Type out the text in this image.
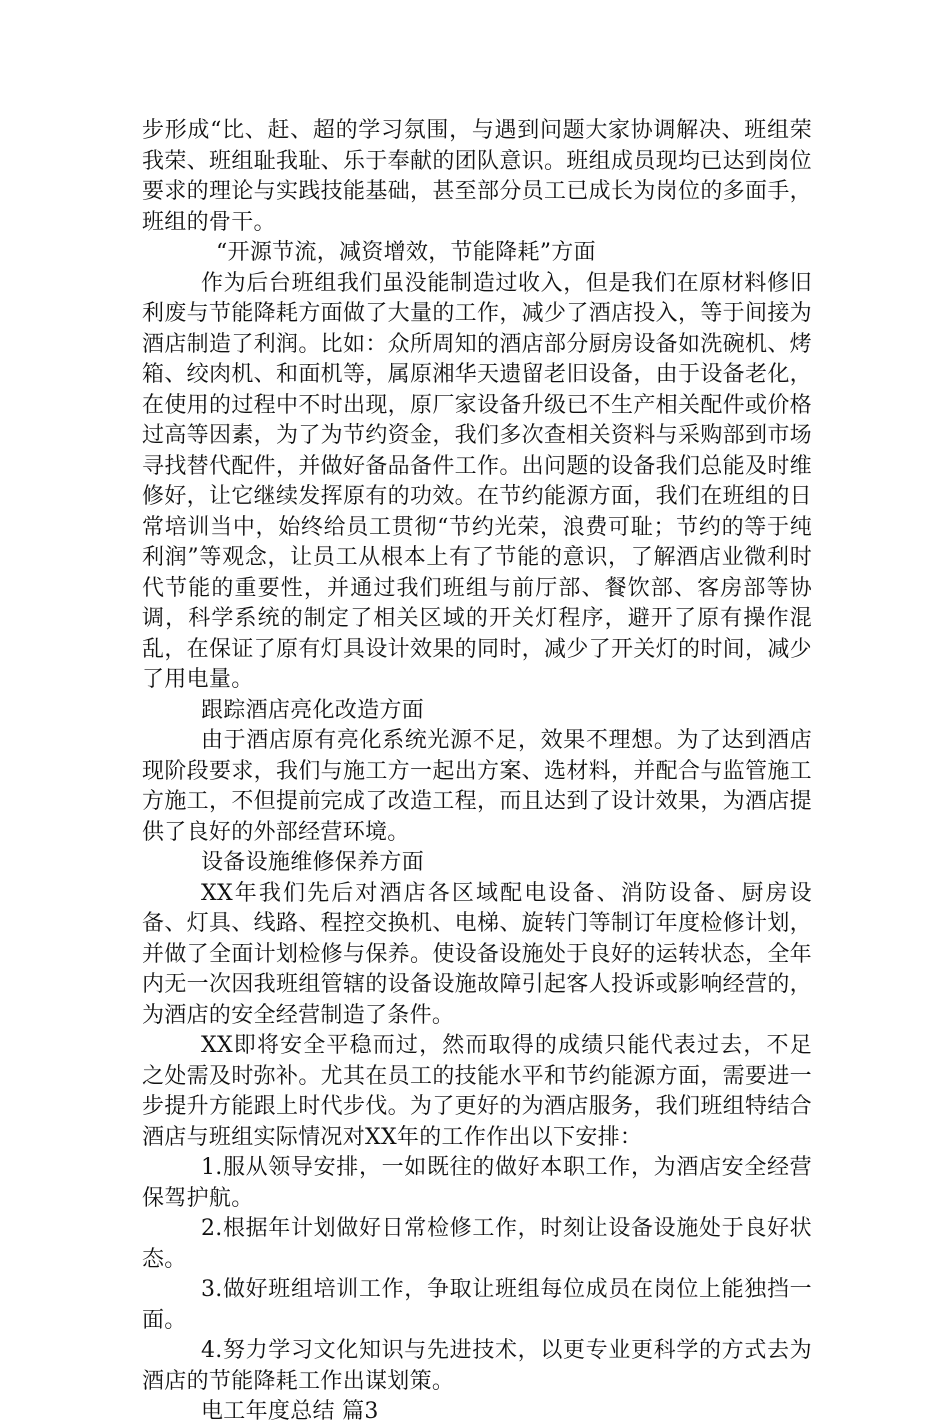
步形成“比、赶、超的学习氛围，与遇到问题大家协调解决、班组荣我荣、班组耻我耻、乐于奉献的团队意识。班组成员现均已达到岗位要求的理论与实践技能基础，甚至部分员工已成长为岗位的多面手，班组的骨干。

“开源节流，减资增效，节能降耗”方面

作为后台班组我们虽没能制造过收入，但是我们在原材料修旧利废与节能降耗方面做了大量的工作，减少了酒店投入，等于间接为酒店制造了利润。比如：众所周知的酒店部分厨房设备如洗碗机、烤箱、绞肉机、和面机等，属原湘华天遗留老旧设备，由于设备老化，在使用的过程中不时出现，原厂家设备升级已不生产相关配件或价格过高等因素，为了为节约资金，我们多次查相关资料与采购部到市场寻找替代配件，并做好备品备件工作。出问题的设备我们总能及时维修好，让它继续发挥原有的功效。在节约能源方面，我们在班组的日常培训当中，始终给员工贯彻“节约光荣，浪费可耻；节约的等于纯利润”等观念，让员工从根本上有了节能的意识，了解酒店业微利时代节能的重要性，并通过我们班组与前厅部、餐饮部、客房部等协调，科学系统的制定了相关区域的开关灯程序，避开了原有操作混乱，在保证了原有灯具设计效果的同时，减少了开关灯的时间，减少了用电量。

跟踪酒店亮化改造方面

由于酒店原有亮化系统光源不足，效果不理想。为了达到酒店现阶段要求，我们与施工方一起出方案、选材料，并配合与监管施工方施工，不但提前完成了改造工程，而且达到了设计效果，为酒店提供了良好的外部经营环境。

设备设施维修保养方面

XX年我们先后对酒店各区域配电设备、消防设备、厨房设备、灯具、线路、程控交换机、电梯、旋转门等制订年度检修计划，并做了全面计划检修与保养。使设备设施处于良好的运转状态，全年内无一次因我班组管辖的设备设施故障引起客人投诉或影响经营的，为酒店的安全经营制造了条件。

XX即将安全平稳而过，然而取得的成绩只能代表过去，不足之处需及时弥补。尤其在员工的技能水平和节约能源方面，需要进一步提升方能跟上时代步伐。为了更好的为酒店服务，我们班组特结合酒店与班组实际情况对XX年的工作作出以下安排：

1.服从领导安排，一如既往的做好本职工作，为酒店安全经营保驾护航。

2.根据年计划做好日常检修工作，时刻让设备设施处于良好状态。

3.做好班组培训工作，争取让班组每位成员在岗位上能独挡一面。

4.努力学习文化知识与先进技术，以更专业更科学的方式去为酒店的节能降耗工作出谋划策。

电工年度总结 篇3
